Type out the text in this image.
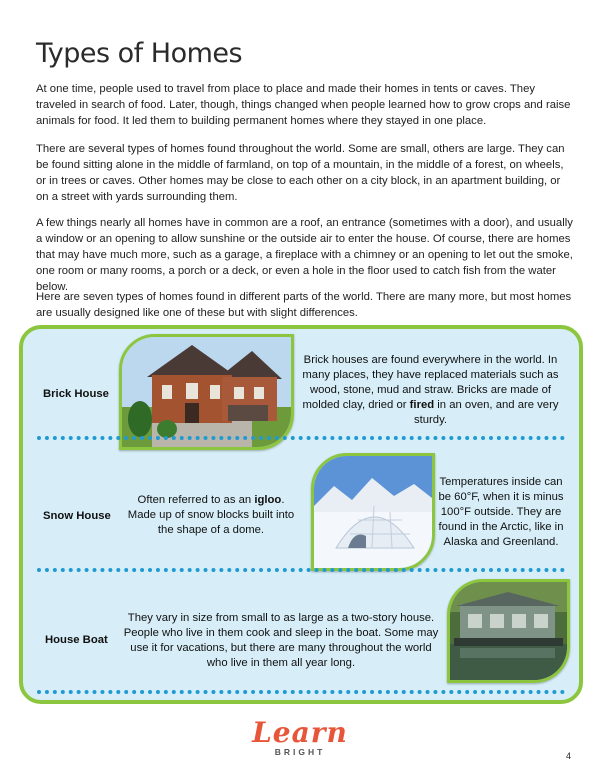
Types of Homes

At one time, people used to travel from place to place and made their homes in tents or caves. They traveled in search of food. Later, though, things changed when people learned how to grow crops and raise animals for food. It led them to building permanent homes where they stayed in one place.

There are several types of homes found throughout the world. Some are small, others are large. They can be found sitting alone in the middle of farmland, on top of a mountain, in the middle of a forest, on wheels, or in trees or caves. Other homes may be close to each other on a city block, in an apartment building, or on a street with yards surrounding them.

A few things nearly all homes have in common are a roof, an entrance (sometimes with a door), and usually a window or an opening to allow sunshine or the outside air to enter the house. Of course, there are homes that may have much more, such as a garage, a fireplace with a chimney or an opening to let out the smoke, one room or many rooms, a porch or a deck, or even a hole in the floor used to catch fish from the water below.

Here are seven types of homes found in different parts of the world. There are many more, but most homes are usually designed like one of these but with slight differences.

Brick House
Brick houses are found everywhere in the world. In many places, they have replaced materials such as wood, stone, mud and straw. Bricks are made of molded clay, dried or fired in an oven, and are very sturdy.
Snow House
Often referred to as an igloo. Made up of snow blocks built into the shape of a dome.
Temperatures inside can be 60°F, when it is minus 100°F outside. They are found in the Arctic, like in Alaska and Greenland.
House Boat
They vary in size from small to as large as a two-story house. People who live in them cook and sleep in the boat. Some may use it for vacations, but there are many throughout the world who live in them all year long.
Learn
BRIGHT	4
